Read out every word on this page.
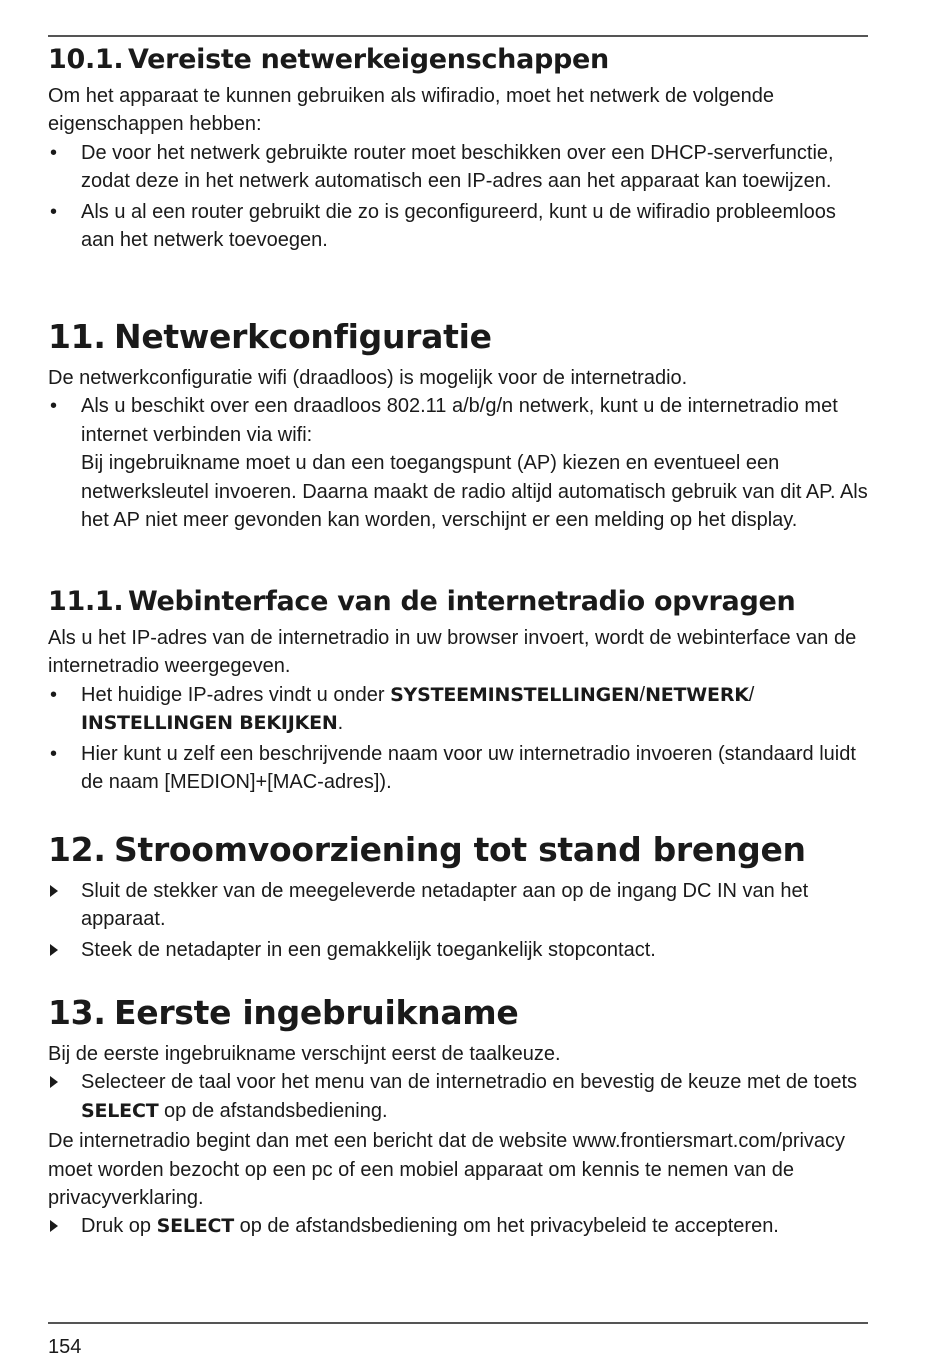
10.1. Vereiste netwerkeigenschappen

Om het apparaat te kunnen gebruiken als wifiradio, moet het netwerk de volgende eigenschappen hebben:

•	De voor het netwerk gebruikte router moet beschikken over een DHCP-serverfunctie, zodat deze in het netwerk automatisch een IP-adres aan het apparaat kan toewijzen.
•	Als u al een router gebruikt die zo is geconfigureerd, kunt u de wifiradio probleemloos aan het netwerk toevoegen.
11. Netwerkconfiguratie

De netwerkconfiguratie wifi (draadloos) is mogelijk voor de internetradio.

•	Als u beschikt over een draadloos 802.11 a/b/g/n netwerk, kunt u de internetradio met internet verbinden via wifi:
Bij ingebruikname moet u dan een toegangspunt (AP) kiezen en eventueel een netwerksleutel invoeren. Daarna maakt de radio altijd automatisch gebruik van dit AP. Als het AP niet meer gevonden kan worden, verschijnt er een melding op het display.
11.1. Webinterface van de internetradio opvragen

Als u het IP-adres van de internetradio in uw browser invoert, wordt de webinterface van de internetradio weergegeven.

•	Het huidige IP-adres vindt u onder SYSTEEMINSTELLINGEN/NETWERK/ INSTELLINGEN BEKIJKEN.
•	Hier kunt u zelf een beschrijvende naam voor uw internetradio invoeren (standaard luidt de naam [MEDION]+[MAC-adres]).
12. Stroomvoorziening tot stand brengen
Sluit de stekker van de meegeleverde netadapter aan op de ingang DC IN van het apparaat.
Steek de netadapter in een gemakkelijk toegankelijk stopcontact.
13. Eerste ingebruikname

Bij de eerste ingebruikname verschijnt eerst de taalkeuze.

Selecteer de taal voor het menu van de internetradio en bevestig de keuze met de toets SELECT op de afstandsbediening.

De internetradio begint dan met een bericht dat de website www.frontiersmart.com/privacy moet worden bezocht op een pc of een mobiel apparaat om kennis te nemen van de privacyverklaring.

Druk op SELECT op de afstandsbediening om het privacybeleid te accepteren.
154
